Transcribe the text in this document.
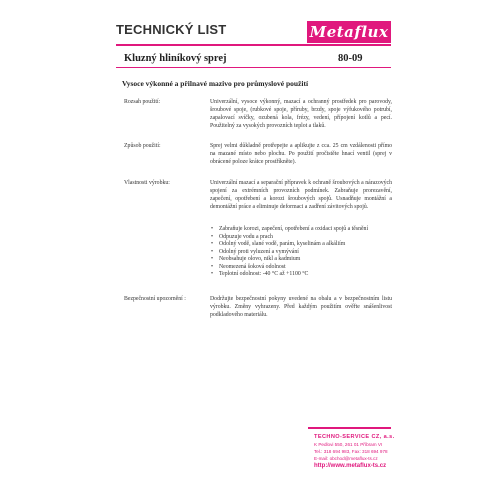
TECHNICKÝ LIST	Metaflux
Kluzný hliníkový sprej	80-09
Vysoce výkonné a přilnavé mazivo pro průmyslové použití
Rozsah použití:	Univerzální, vysoce výkonný, mazací a ochranný prostředek pro parovody, šroubové spoje, (rubkové spoje, příruby, brzdy, spoje výfukového potrubí, zapalovací svíčky, ozubená kola, frézy, vedení, přípojení kotlů a pecí. Použitelný za vysokých provozních teplot a tlaků.
Způsob použití:	Sprej velmi důkladně protřepejte a aplikujte z cca. 25 cm vzdálenosti přímo na mazané místo nebo plochu. Po použití pročistěte hnací ventil (sprej v obrácené poloze krátce prostříkněte).
Vlastnosti výrobku:	Univerzální mazací a separační přípravek k ochraně šroubových a nárazových spojení za extrémních provozních podmínek. Zabraňuje prorezavění, zapečení, opotřebení a korozi šroubových spojů. Usnadňuje montážní a demontážní práce a eliminuje deformaci a zadření závitových spojů.
• Zabraňuje korozi, zapečení, opotřebení a oxidaci spojů a těsnění
• Odpuzuje vodu a prach
• Odolný vodě, slané vodě, parám, kyselinám a alkáliím
• Odolný proti vyluzení a vymývání
• Neobsahuje olovo, nikl a kadmium
• Neomezená šoková odolnost
• Teplotní odolnost: -40 °C až +1100 °C
Bezpečnostní upozornění :	Dodržujte bezpečnostní pokyny uvedené na obalu a v bezpečnostním listu výrobku. Změny vyhrazeny. Před každým použitím ověřte snášenlivost podkladového materiálu.
TECHNO-SERVICE CZ, a.s.
K Pedlovi 550, 261 01 Příbram VI
Tel.: 318 694 983, Fax: 318 694 978
E-mail: obchod@metaflux-ts.cz
http://www.metaflux-ts.cz
